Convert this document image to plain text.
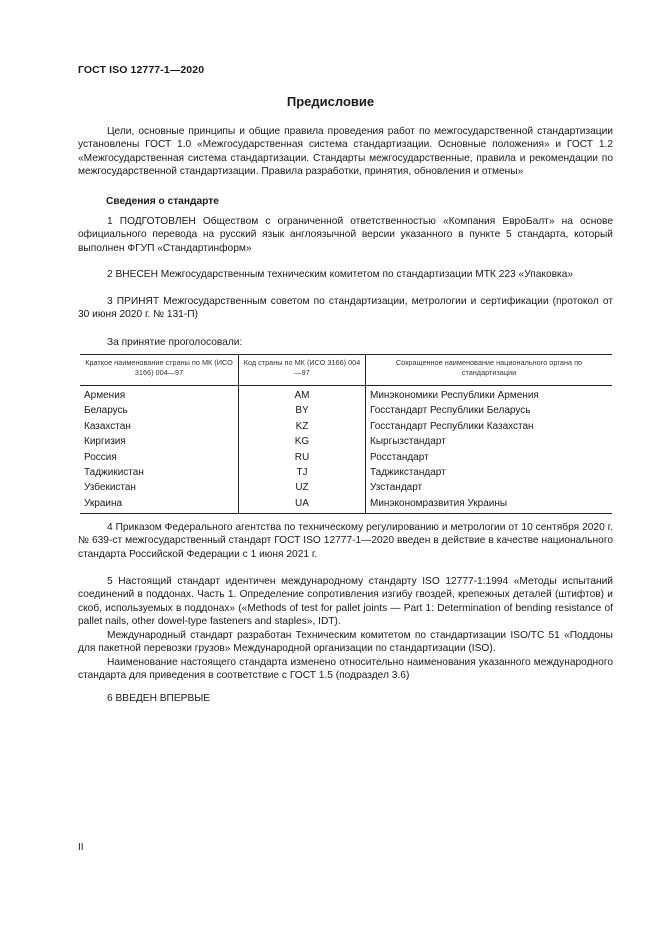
ГОСТ ISO 12777-1—2020
Предисловие
Цели, основные принципы и общие правила проведения работ по межгосударственной стандартизации установлены ГОСТ 1.0 «Межгосударственная система стандартизации. Основные положения» и ГОСТ 1.2 «Межгосударственная система стандартизации. Стандарты межгосударственные, правила и рекомендации по межгосударственной стандартизации. Правила разработки, принятия, обновления и отмены»
Сведения о стандарте
1 ПОДГОТОВЛЕН Обществом с ограниченной ответственностью «Компания ЕвроБалт» на основе официального перевода на русский язык англоязычной версии указанного в пункте 5 стандарта, который выполнен ФГУП «Стандартинформ»
2 ВНЕСЕН Межгосударственным техническим комитетом по стандартизации МТК 223 «Упаковка»
3 ПРИНЯТ Межгосударственным советом по стандартизации, метрологии и сертификации (протокол от 30 июня 2020 г. № 131-П)
За принятие проголосовали:
Краткое наименование страны по МК (ИСО 3166) 004—97	Код страны по МК (ИСО 3166) 004—97	Сокращенное наименование национального органа по стандартизации
Армения	AM	Минэкономики Республики Армения
Беларусь	BY	Госстандарт Республики Беларусь
Казахстан	KZ	Госстандарт Республики Казахстан
Киргизия	KG	Кыргызстандарт
Россия	RU	Росстандарт
Таджикистан	TJ	Таджикстандарт
Узбекистан	UZ	Узстандарт
Украина	UA	Минэкономразвития Украины
4 Приказом Федерального агентства по техническому регулированию и метрологии от 10 сентября 2020 г. № 639-ст межгосударственный стандарт ГОСТ ISO 12777-1—2020 введен в действие в качестве национального стандарта Российской Федерации с 1 июня 2021 г.
5 Настоящий стандарт идентичен международному стандарту ISO 12777-1:1994 «Методы испытаний соединений в поддонах. Часть 1. Определение сопротивления изгибу гвоздей, крепежных деталей (штифтов) и скоб, используемых в поддонах» («Methods of test for pallet joints — Part 1: Determination of bending resistance of pallet nails, other dowel-type fasteners and staples», IDT).
Международный стандарт разработан Техническим комитетом по стандартизации ISO/TC 51 «Поддоны для пакетной перевозки грузов» Международной организации по стандартизации (ISO).
Наименование настоящего стандарта изменено относительно наименования указанного международного стандарта для приведения в соответствие с ГОСТ 1.5 (подраздел 3.6)
6 ВВЕДЕН ВПЕРВЫЕ
II
